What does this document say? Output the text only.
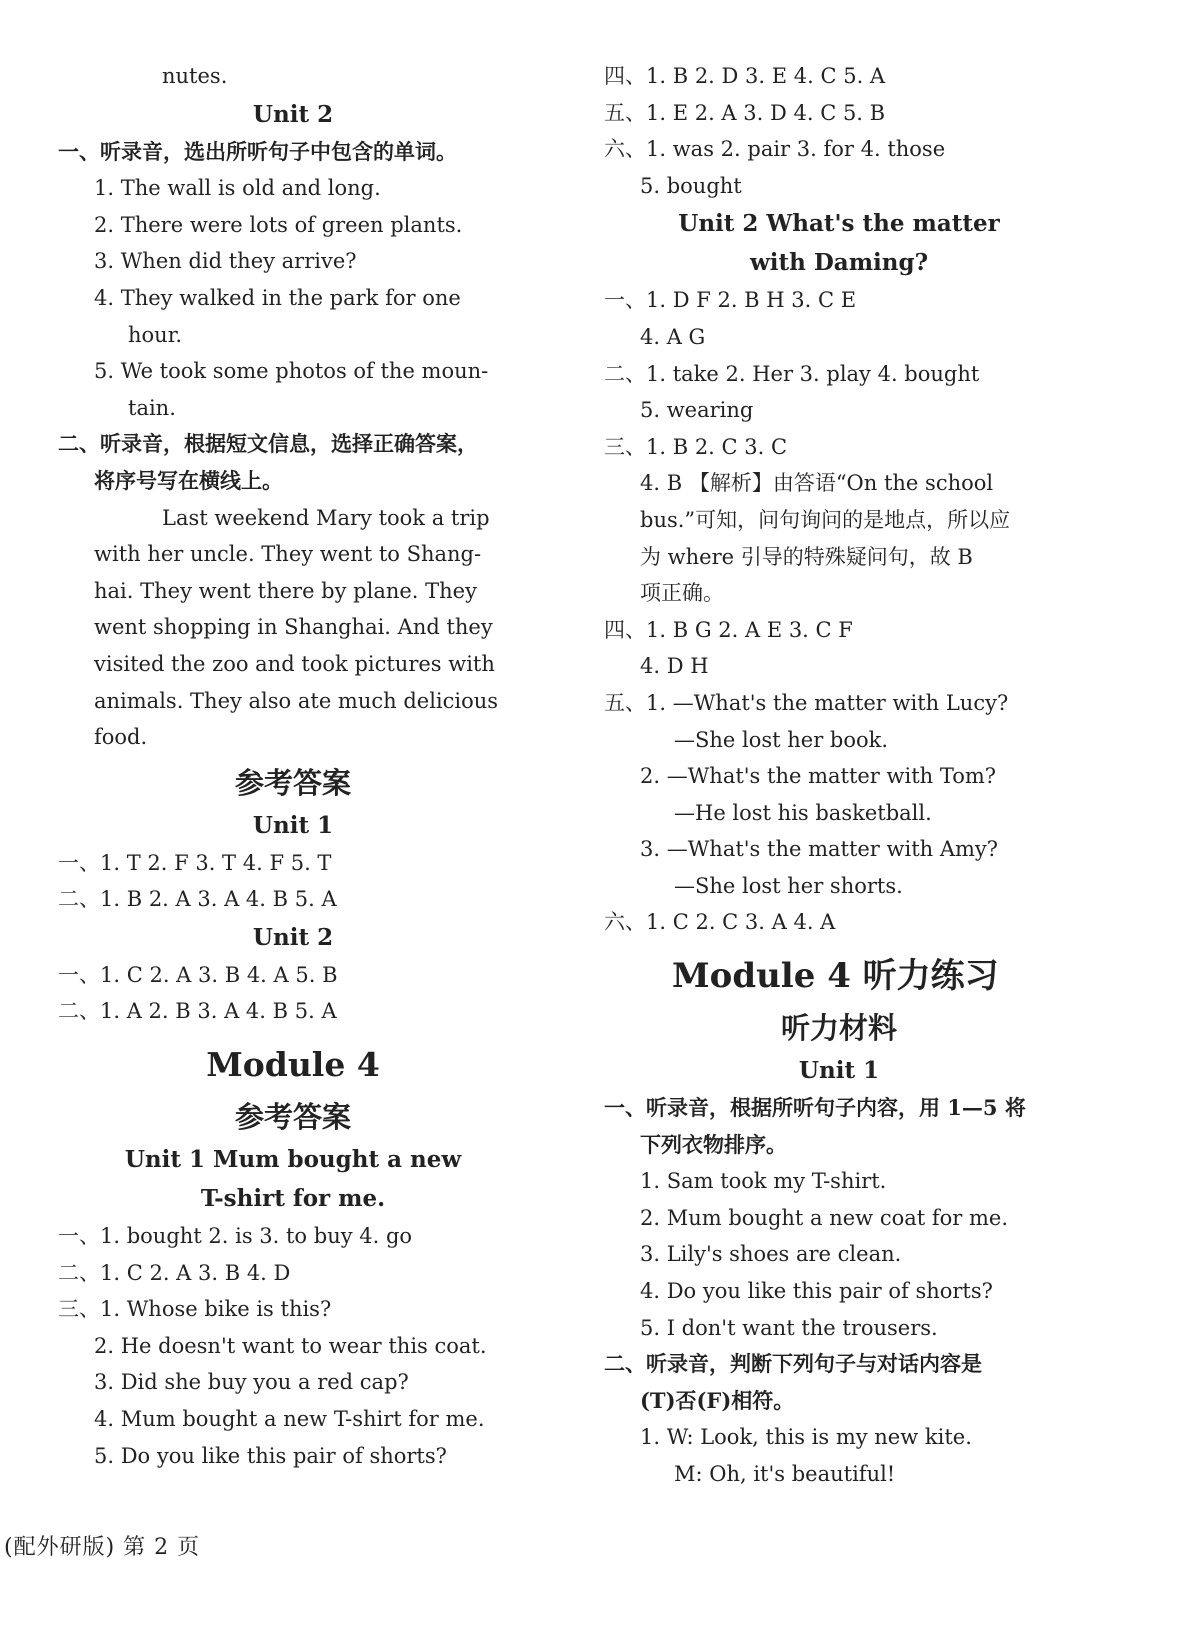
nutes.
Unit 2
一、听录音，选出所听句子中包含的单词。
1. The wall is old and long.
2. There were lots of green plants.
3. When did they arrive?
4. They walked in the park for one
hour.
5. We took some photos of the moun-
tain.
二、听录音，根据短文信息，选择正确答案，
将序号写在横线上。
Last weekend Mary took a trip
with her uncle. They went to Shang-
hai. They went there by plane. They
went shopping in Shanghai. And they
visited the zoo and took pictures with
animals. They also ate much delicious
food.
参考答案
Unit 1
一、1. T 2. F 3. T 4. F 5. T
二、1. B 2. A 3. A 4. B 5. A
Unit 2
一、1. C 2. A 3. B 4. A 5. B
二、1. A 2. B 3. A 4. B 5. A
Module 4
参考答案
Unit 1 Mum bought a new
T-shirt for me.
一、1. bought 2. is 3. to buy 4. go
二、1. C 2. A 3. B 4. D
三、1. Whose bike is this?
2. He doesn't want to wear this coat.
3. Did she buy you a red cap?
4. Mum bought a new T-shirt for me.
5. Do you like this pair of shorts?
四、1. B 2. D 3. E 4. C 5. A
五、1. E 2. A 3. D 4. C 5. B
六、1. was 2. pair 3. for 4. those
5. bought
Unit 2 What's the matter
with Daming?
一、1. D F 2. B H 3. C E
4. A G
二、1. take 2. Her 3. play 4. bought
5. wearing
三、1. B 2. C 3. C
4. B 【解析】由答语“On the school
bus.”可知，问句询问的是地点，所以应
为 where 引导的特殊疑问句，故 B
项正确。
四、1. B G 2. A E 3. C F
4. D H
五、1. —What's the matter with Lucy?
—She lost her book.
2. —What's the matter with Tom?
—He lost his basketball.
3. —What's the matter with Amy?
—She lost her shorts.
六、1. C 2. C 3. A 4. A
Module 4 听力练习
听力材料
Unit 1
一、听录音，根据所听句子内容，用 1—5 将
下列衣物排序。
1. Sam took my T-shirt.
2. Mum bought a new coat for me.
3. Lily's shoes are clean.
4. Do you like this pair of shorts?
5. I don't want the trousers.
二、听录音，判断下列句子与对话内容是
(T)否(F)相符。
1. W: Look, this is my new kite.
M: Oh, it's beautiful!
(配外研版) 第 2 页
